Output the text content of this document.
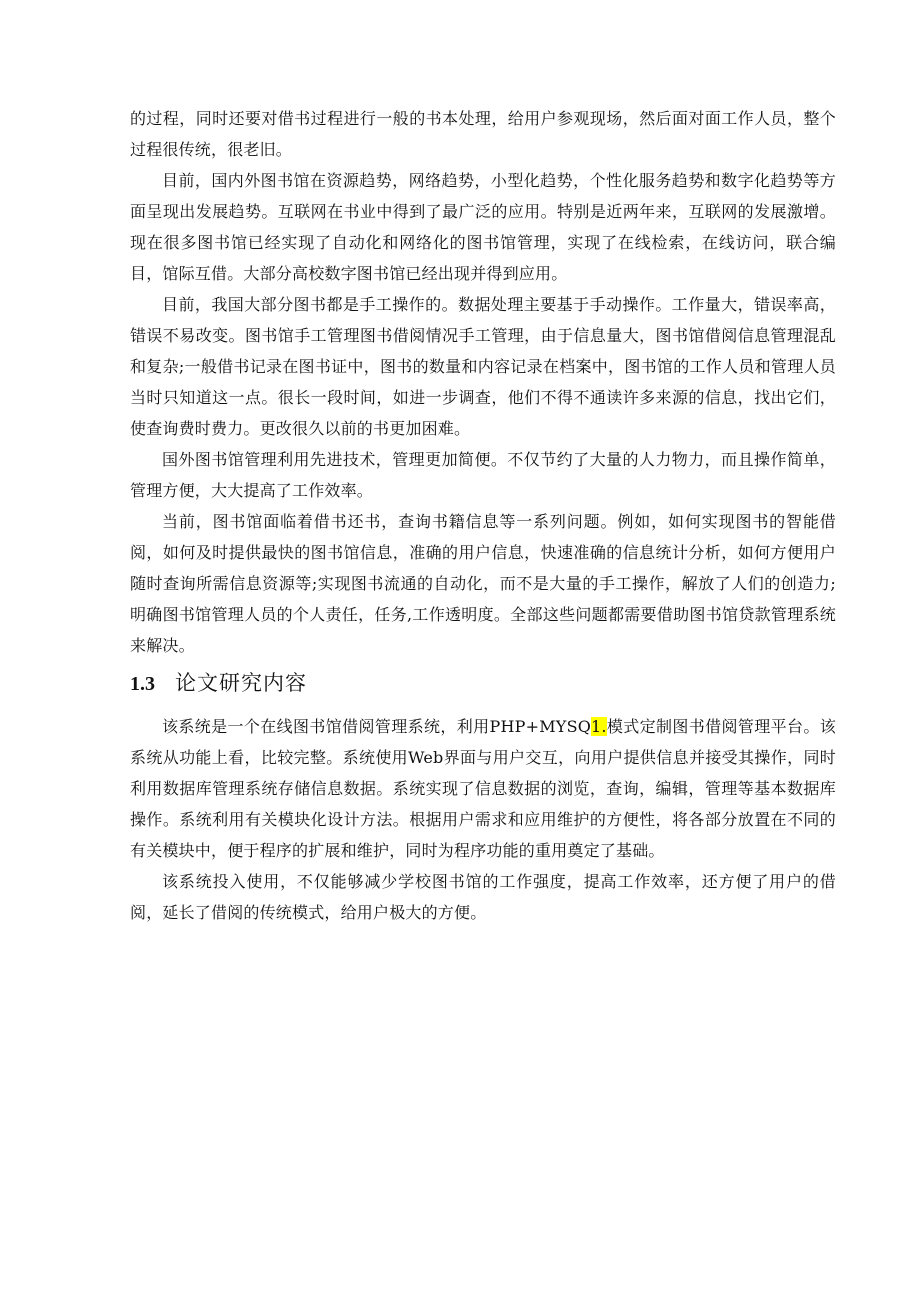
的过程，同时还要对借书过程进行一般的书本处理，给用户参观现场，然后面对面工作人员，整个过程很传统，很老旧。

目前，国内外图书馆在资源趋势，网络趋势，小型化趋势，个性化服务趋势和数字化趋势等方面呈现出发展趋势。互联网在书业中得到了最广泛的应用。特别是近两年来，互联网的发展激增。现在很多图书馆已经实现了自动化和网络化的图书馆管理，实现了在线检索，在线访问，联合编目，馆际互借。大部分高校数字图书馆已经出现并得到应用。

目前，我国大部分图书都是手工操作的。数据处理主要基于手动操作。工作量大，错误率高，错误不易改变。图书馆手工管理图书借阅情况手工管理，由于信息量大，图书馆借阅信息管理混乱和复杂;一般借书记录在图书证中，图书的数量和内容记录在档案中，图书馆的工作人员和管理人员当时只知道这一点。很长一段时间，如进一步调查，他们不得不通读许多来源的信息，找出它们，使查询费时费力。更改很久以前的书更加困难。

国外图书馆管理利用先进技术，管理更加简便。不仅节约了大量的人力物力，而且操作简单，管理方便，大大提高了工作效率。

当前，图书馆面临着借书还书，查询书籍信息等一系列问题。例如，如何实现图书的智能借阅，如何及时提供最快的图书馆信息，准确的用户信息，快速准确的信息统计分析，如何方便用户随时查询所需信息资源等;实现图书流通的自动化，而不是大量的手工操作，解放了人们的创造力;明确图书馆管理人员的个人责任，任务,工作透明度。全部这些问题都需要借助图书馆贷款管理系统来解决。

1.3 论文研究内容

该系统是一个在线图书馆借阅管理系统，利用PHP+MYSQ1.模式定制图书借阅管理平台。该系统从功能上看，比较完整。系统使用Web界面与用户交互，向用户提供信息并接受其操作，同时利用数据库管理系统存储信息数据。系统实现了信息数据的浏览，查询，编辑，管理等基本数据库操作。系统利用有关模块化设计方法。根据用户需求和应用维护的方便性，将各部分放置在不同的有关模块中，便于程序的扩展和维护，同时为程序功能的重用奠定了基础。

该系统投入使用，不仅能够减少学校图书馆的工作强度，提高工作效率，还方便了用户的借阅，延长了借阅的传统模式，给用户极大的方便。
